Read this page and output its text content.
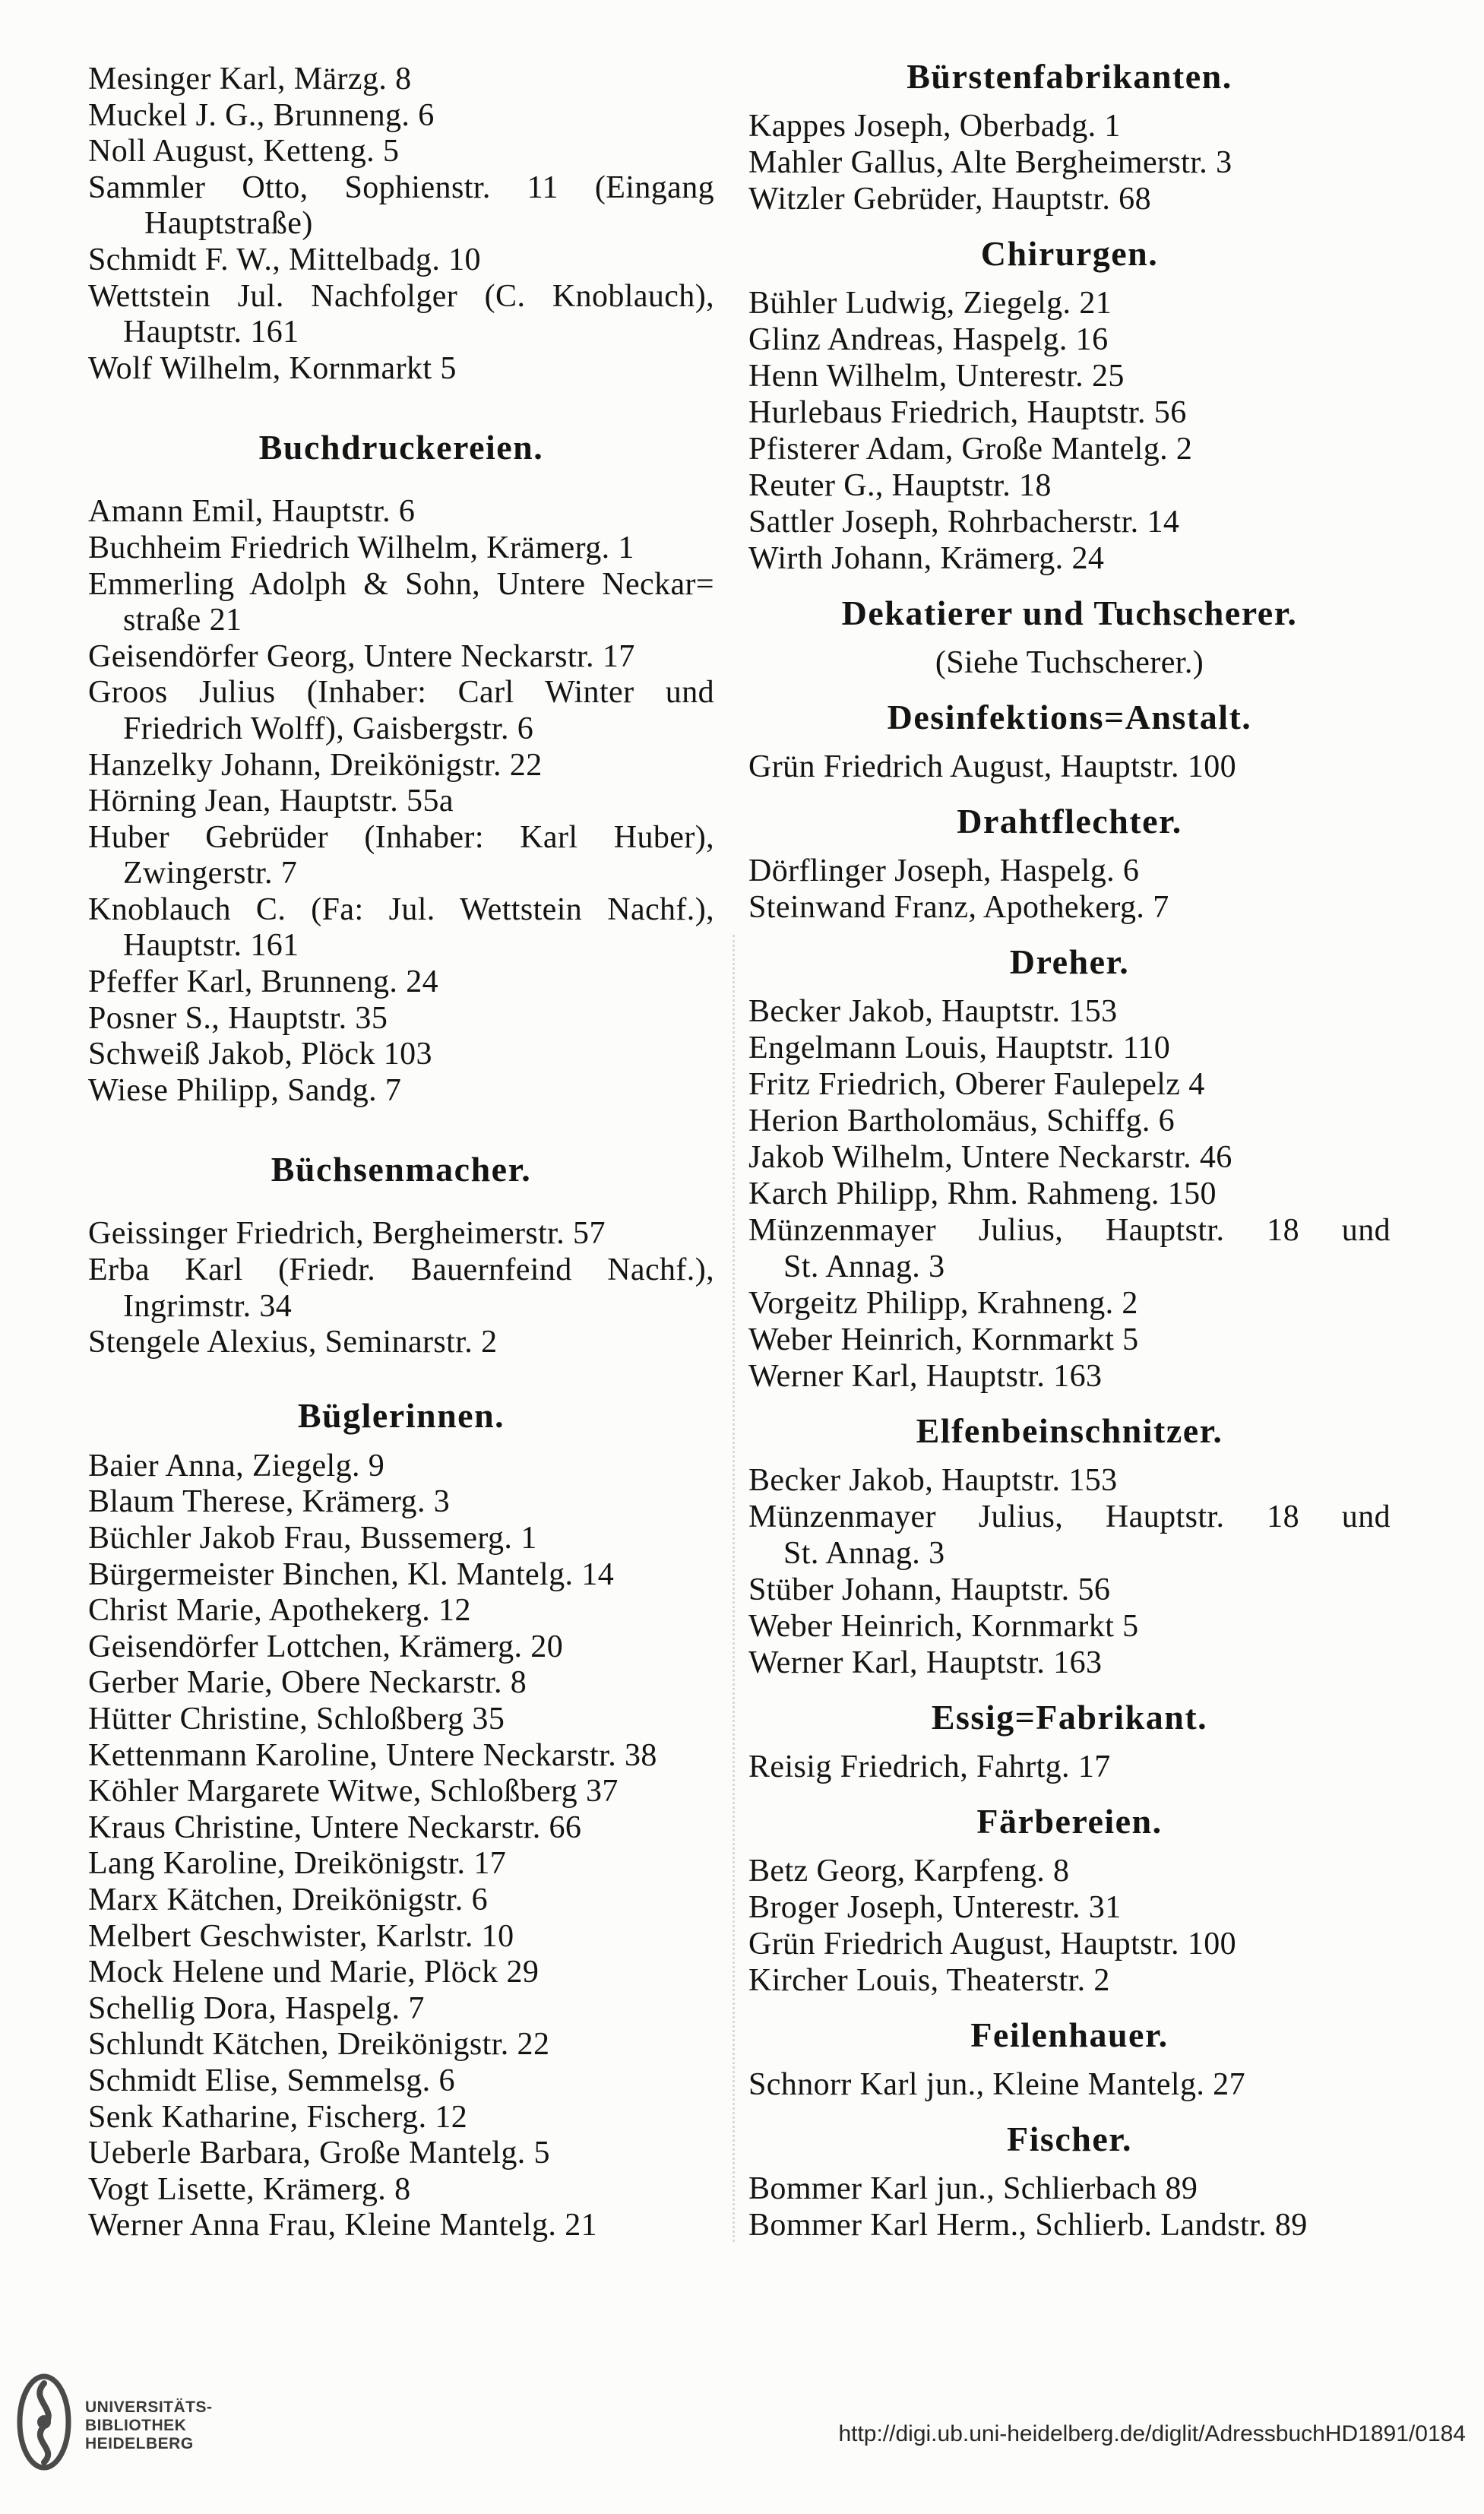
Mesinger Karl, Märzg. 8
Muckel J. G., Brunneng. 6
Noll August, Ketteng. 5
Sammler Otto, Sophienstr. 11 (Eingang
Hauptstraße)
Schmidt F. W., Mittelbadg. 10
Wettstein Jul. Nachfolger (C. Knoblauch),
Hauptstr. 161
Wolf Wilhelm, Kornmarkt 5
Buchdruckereien.
Amann Emil, Hauptstr. 6
Buchheim Friedrich Wilhelm, Krämerg. 1
Emmerling Adolph & Sohn, Untere Neckar=
straße 21
Geisendörfer Georg, Untere Neckarstr. 17
Groos Julius (Inhaber: Carl Winter und
Friedrich Wolff), Gaisbergstr. 6
Hanzelky Johann, Dreikönigstr. 22
Hörning Jean, Hauptstr. 55a
Huber Gebrüder (Inhaber: Karl Huber),
Zwingerstr. 7
Knoblauch C. (Fa: Jul. Wettstein Nachf.),
Hauptstr. 161
Pfeffer Karl, Brunneng. 24
Posner S., Hauptstr. 35
Schweiß Jakob, Plöck 103
Wiese Philipp, Sandg. 7
Büchsenmacher.
Geissinger Friedrich, Bergheimerstr. 57
Erba Karl (Friedr. Bauernfeind Nachf.),
Ingrimstr. 34
Stengele Alexius, Seminarstr. 2
Büglerinnen.
Baier Anna, Ziegelg. 9
Blaum Therese, Krämerg. 3
Büchler Jakob Frau, Bussemerg. 1
Bürgermeister Binchen, Kl. Mantelg. 14
Christ Marie, Apothekerg. 12
Geisendörfer Lottchen, Krämerg. 20
Gerber Marie, Obere Neckarstr. 8
Hütter Christine, Schloßberg 35
Kettenmann Karoline, Untere Neckarstr. 38
Köhler Margarete Witwe, Schloßberg 37
Kraus Christine, Untere Neckarstr. 66
Lang Karoline, Dreikönigstr. 17
Marx Kätchen, Dreikönigstr. 6
Melbert Geschwister, Karlstr. 10
Mock Helene und Marie, Plöck 29
Schellig Dora, Haspelg. 7
Schlundt Kätchen, Dreikönigstr. 22
Schmidt Elise, Semmelsg. 6
Senk Katharine, Fischerg. 12
Ueberle Barbara, Große Mantelg. 5
Vogt Lisette, Krämerg. 8
Werner Anna Frau, Kleine Mantelg. 21
Bürstenfabrikanten.
Kappes Joseph, Oberbadg. 1
Mahler Gallus, Alte Bergheimerstr. 3
Witzler Gebrüder, Hauptstr. 68
Chirurgen.
Bühler Ludwig, Ziegelg. 21
Glinz Andreas, Haspelg. 16
Henn Wilhelm, Unterestr. 25
Hurlebaus Friedrich, Hauptstr. 56
Pfisterer Adam, Große Mantelg. 2
Reuter G., Hauptstr. 18
Sattler Joseph, Rohrbacherstr. 14
Wirth Johann, Krämerg. 24
Dekatierer und Tuchscherer.
(Siehe Tuchscherer.)
Desinfektions=Anstalt.
Grün Friedrich August, Hauptstr. 100
Drahtflechter.
Dörflinger Joseph, Haspelg. 6
Steinwand Franz, Apothekerg. 7
Dreher.
Becker Jakob, Hauptstr. 153
Engelmann Louis, Hauptstr. 110
Fritz Friedrich, Oberer Faulepelz 4
Herion Bartholomäus, Schiffg. 6
Jakob Wilhelm, Untere Neckarstr. 46
Karch Philipp, Rhm. Rahmeng. 150
Münzenmayer Julius, Hauptstr. 18 und
St. Annag. 3
Vorgeitz Philipp, Krahneng. 2
Weber Heinrich, Kornmarkt 5
Werner Karl, Hauptstr. 163
Elfenbeinschnitzer.
Becker Jakob, Hauptstr. 153
Münzenmayer Julius, Hauptstr. 18 und
St. Annag. 3
Stüber Johann, Hauptstr. 56
Weber Heinrich, Kornmarkt 5
Werner Karl, Hauptstr. 163
Essig=Fabrikant.
Reisig Friedrich, Fahrtg. 17
Färbereien.
Betz Georg, Karpfeng. 8
Broger Joseph, Unterestr. 31
Grün Friedrich August, Hauptstr. 100
Kircher Louis, Theaterstr. 2
Feilenhauer.
Schnorr Karl jun., Kleine Mantelg. 27
Fischer.
Bommer Karl jun., Schlierbach 89
Bommer Karl Herm., Schlierb. Landstr. 89
UNIVERSITÄTS-
BIBLIOTHEK
HEIDELBERG	http://digi.ub.uni-heidelberg.de/diglit/AdressbuchHD1891/0184
